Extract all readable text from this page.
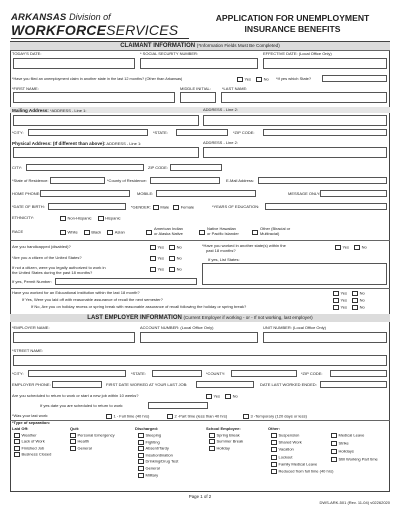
ARKANSAS Division of
WORKFORCESERVICES
APPLICATION FOR UNEMPLOYMENT
INSURANCE BENEFITS
CLAIMANT INFORMATION (*Information Fields Must Be Completed)
TODAY'S DATE:	* SOCIAL SECURITY NUMBER:	EFFECTIVE DATE: (Local Office Only)
*Have you filed an unemployment claim in another state in the last 12 months? (Other than Arkansas)	Yes	No *If yes which State?
*FIRST NAME:	MIDDLE INITIAL:	*LAST NAME:
Mailing Address: *ADDRESS - Line 1:	ADDRESS - Line 2:
*CITY:	*STATE:	*ZIP CODE:
Physical Address: (If different than above): ADDRESS - Line 1:	ADDRESS - Line 2:
CITY:	ZIP CODE:
*State of Residence:	*County of Residence:	E-Mail Address:
HOME PHONE:	MOBILE:	MESSAGE ONLY:
*DATE OF BIRTH:	*GENDER: Male	Female	*YEARS OF EDUCATION:
ETHNICITY:	Non-Hispanic	Hispanic
RACE	White	Black	Asian
American Indian
or Alaska Native
Native Hawaiian
or Pacific Islander
Other (Biracial or
Multiracial)
Are you handicapped (disabled)?	Yes	No	*Have you worked in another state(s) within the
past 18 months?
Yes	No
*Are you a citizen of the United States?	Yes	No	If yes, List States:
If not a citizen, were you legally authorized to work in
the United States during the past 18 months?
Yes	No
If yes, Permit Number:
Have you worked for an Educational institution within the last 18 month?
If Yes, Were you laid off with reasonable assurance of recall the next semester?
If No, Are you on holiday recess or spring break with reasonable assurance of recall following the holiday or spring break?
Yes	No
Yes	No
Yes	No
LAST EMPLOYER INFORMATION (Current Employer if working - or - If not working, last employer)
*EMPLOYER NAME:	ACCOUNT NUMBER: (Local Office Only)	UNIT NUMBER: (Local Office Only)
*STREET NAME:
*CITY:	*STATE:	*COUNTY:	*ZIP CODE:
EMPLOYER PHONE:	FIRST DATE WORKED AT YOUR LAST JOB:	DATE LAST WORKED ENDED:
Are you scheduled to return to work or start a new job within 10 weeks?	Yes	No
If yes date you are scheduled to return to work:
*Was your last work:	1 - Full time (40 hrs)	2 -Part time (less than 40 hrs)	3 -Temporary (120 days or less)
*Type of separation:
Laid Off:
Weather
Lack of Work
Finished Job
Business Closed
Quit:
Personal Emergency
Health
General
Discharged:
Sleeping
Fighting
Absent/Tardy
Insubordination
Drinking/Drug Test
General
Military
School Employee:
Spring Break
Summer Break
Holiday
Other:
Suspension
Shared Work
Vacation
Lockout
Family Medical Leave
Reduced from full time (40 hrs)
Medical Leave
Strike
Holidays
Still Working Part time
Page 1 of 2
DWS-ARK-501 (Rev. 11-04) v02262020
